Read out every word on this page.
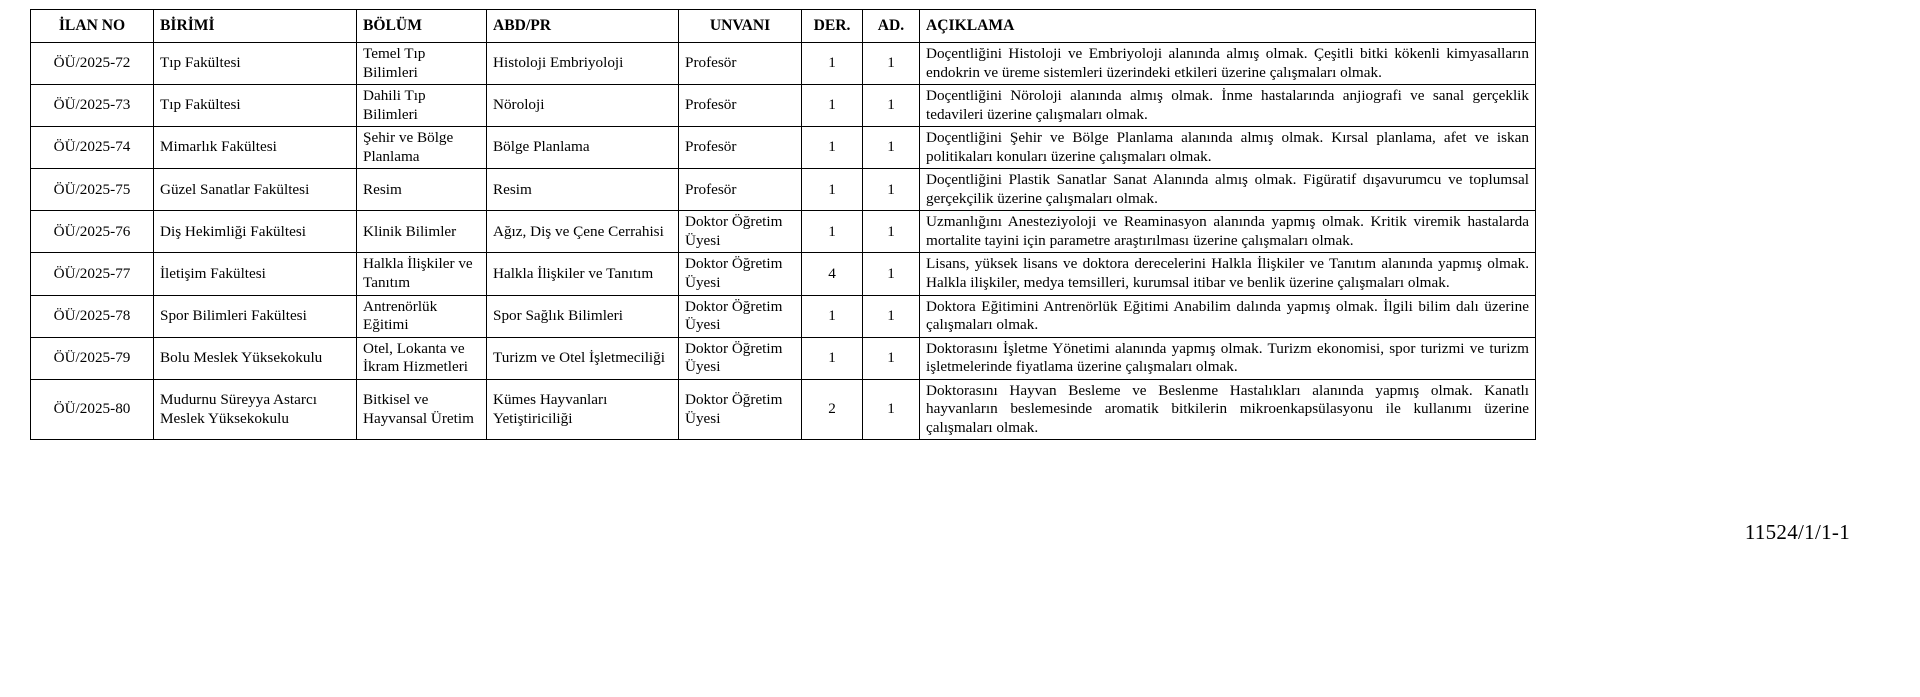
İLAN NO	BİRİMİ	BÖLÜM	ABD/PR	UNVANI	DER.	AD.	AÇIKLAMA
ÖÜ/2025-72	Tıp Fakültesi	Temel Tıp Bilimleri	Histoloji Embriyoloji	Profesör	1	1	Doçentliğini Histoloji ve Embriyoloji alanında almış olmak. Çeşitli bitki kökenli kimyasalların endokrin ve üreme sistemleri üzerindeki etkileri üzerine çalışmaları olmak.
ÖÜ/2025-73	Tıp Fakültesi	Dahili Tıp Bilimleri	Nöroloji	Profesör	1	1	Doçentliğini Nöroloji alanında almış olmak. İnme hastalarında anjiografi ve sanal gerçeklik tedavileri üzerine çalışmaları olmak.
ÖÜ/2025-74	Mimarlık Fakültesi	Şehir ve Bölge Planlama	Bölge Planlama	Profesör	1	1	Doçentliğini Şehir ve Bölge Planlama alanında almış olmak. Kırsal planlama, afet ve iskan politikaları konuları üzerine çalışmaları olmak.
ÖÜ/2025-75	Güzel Sanatlar Fakültesi	Resim	Resim	Profesör	1	1	Doçentliğini Plastik Sanatlar Sanat Alanında almış olmak. Figüratif dışavurumcu ve toplumsal gerçekçilik üzerine çalışmaları olmak.
ÖÜ/2025-76	Diş Hekimliği Fakültesi	Klinik Bilimler	Ağız, Diş ve Çene Cerrahisi	Doktor Öğretim Üyesi	1	1	Uzmanlığını Anesteziyoloji ve Reaminasyon alanında yapmış olmak. Kritik viremik hastalarda mortalite tayini için parametre araştırılması üzerine çalışmaları olmak.
ÖÜ/2025-77	İletişim Fakültesi	Halkla İlişkiler ve Tanıtım	Halkla İlişkiler ve Tanıtım	Doktor Öğretim Üyesi	4	1	Lisans, yüksek lisans ve doktora derecelerini Halkla İlişkiler ve Tanıtım alanında yapmış olmak. Halkla ilişkiler, medya temsilleri, kurumsal itibar ve benlik üzerine çalışmaları olmak.
ÖÜ/2025-78	Spor Bilimleri Fakültesi	Antrenörlük Eğitimi	Spor Sağlık Bilimleri	Doktor Öğretim Üyesi	1	1	Doktora Eğitimini Antrenörlük Eğitimi Anabilim dalında yapmış olmak. İlgili bilim dalı üzerine çalışmaları olmak.
ÖÜ/2025-79	Bolu Meslek Yüksekokulu	Otel, Lokanta ve İkram Hizmetleri	Turizm ve Otel İşletmeciliği	Doktor Öğretim Üyesi	1	1	Doktorasını İşletme Yönetimi alanında yapmış olmak. Turizm ekonomisi, spor turizmi ve turizm işletmelerinde fiyatlama üzerine çalışmaları olmak.
ÖÜ/2025-80	Mudurnu Süreyya Astarcı Meslek Yüksekokulu	Bitkisel ve Hayvansal Üretim	Kümes Hayvanları Yetiştiriciliği	Doktor Öğretim Üyesi	2	1	Doktorasını Hayvan Besleme ve Beslenme Hastalıkları alanında yapmış olmak. Kanatlı hayvanların beslemesinde aromatik bitkilerin mikroenkapsülasyonu ile kullanımı üzerine çalışmaları olmak.
11524/1/1-1
